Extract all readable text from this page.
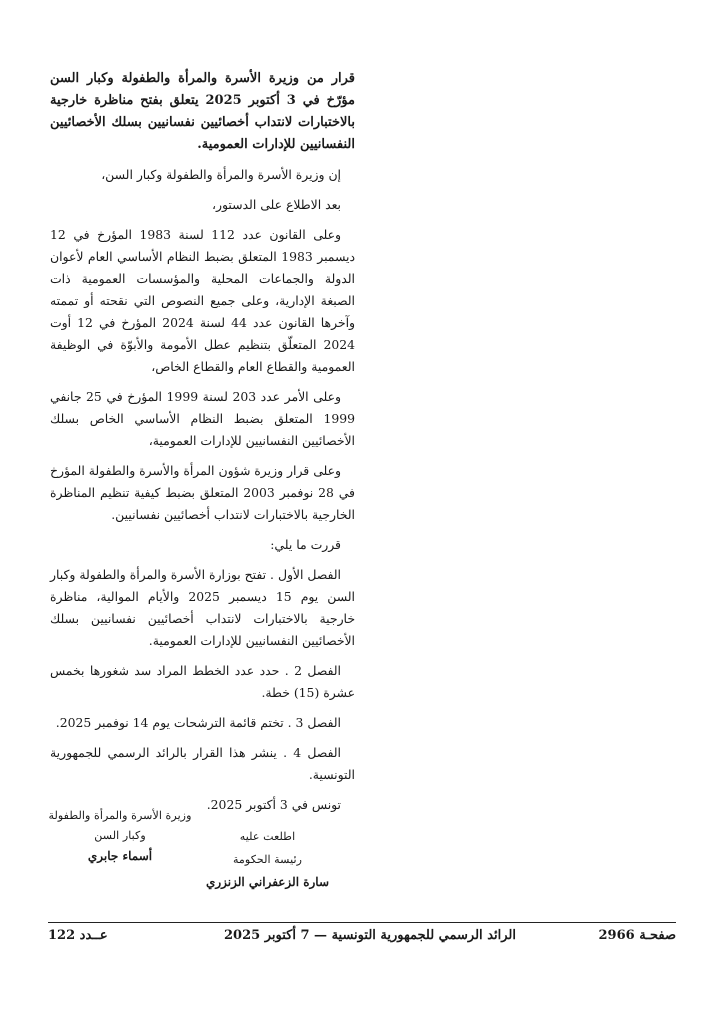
قرار من وزيرة الأسرة والمرأة والطفولة وكبار السن مؤرّخ في 3 أكتوبر 2025 يتعلق بفتح مناظرة خارجية بالاختبارات لانتداب أخصائيين نفسانيين بسلك الأخصائيين النفسانيين للإدارات العمومية.

إن وزيرة الأسرة والمرأة والطفولة وكبار السن،

بعد الاطلاع على الدستور،

وعلى القانون عدد 112 لسنة 1983 المؤرخ في 12 ديسمبر 1983 المتعلق بضبط النظام الأساسي العام لأعوان الدولة والجماعات المحلية والمؤسسات العمومية ذات الصبغة الإدارية، وعلى جميع النصوص التي نقحته أو تممته وآخرها القانون عدد 44 لسنة 2024 المؤرخ في 12 أوت 2024 المتعلّق بتنظيم عطل الأمومة والأبوّة في الوظيفة العمومية والقطاع العام والقطاع الخاص،

وعلى الأمر عدد 203 لسنة 1999 المؤرخ في 25 جانفي 1999 المتعلق بضبط النظام الأساسي الخاص بسلك الأخصائيين النفسانيين للإدارات العمومية،

وعلى قرار وزيرة شؤون المرأة والأسرة والطفولة المؤرخ في 28 نوفمبر 2003 المتعلق بضبط كيفية تنظيم المناظرة الخارجية بالاختبارات لانتداب أخصائيين نفسانيين.

قررت ما يلي:

الفصل الأول . تفتح بوزارة الأسرة والمرأة والطفولة وكبار السن يوم 15 ديسمبر 2025 والأيام الموالية، مناظرة خارجية بالاختبارات لانتداب أخصائيين نفسانيين بسلك الأخصائيين النفسانيين للإدارات العمومية.

الفصل 2 . حدد عدد الخطط المراد سد شغورها بخمس عشرة (15) خطة.

الفصل 3 . تختم قائمة الترشحات يوم 14 نوفمبر 2025.

الفصل 4 . ينشر هذا القرار بالرائد الرسمي للجمهورية التونسية.

تونس في 3 أكتوبر 2025.

وزيرة الأسرة والمرأة والطفولة
وكبار السن
أسماء جابري
اطلعت عليه
رئيسة الحكومة
سارة الزعفراني الزنزري
صفحـة 2966
الرائد الرسمي للجمهورية التونسية — 7 أكتوبر 2025
عــدد 122
